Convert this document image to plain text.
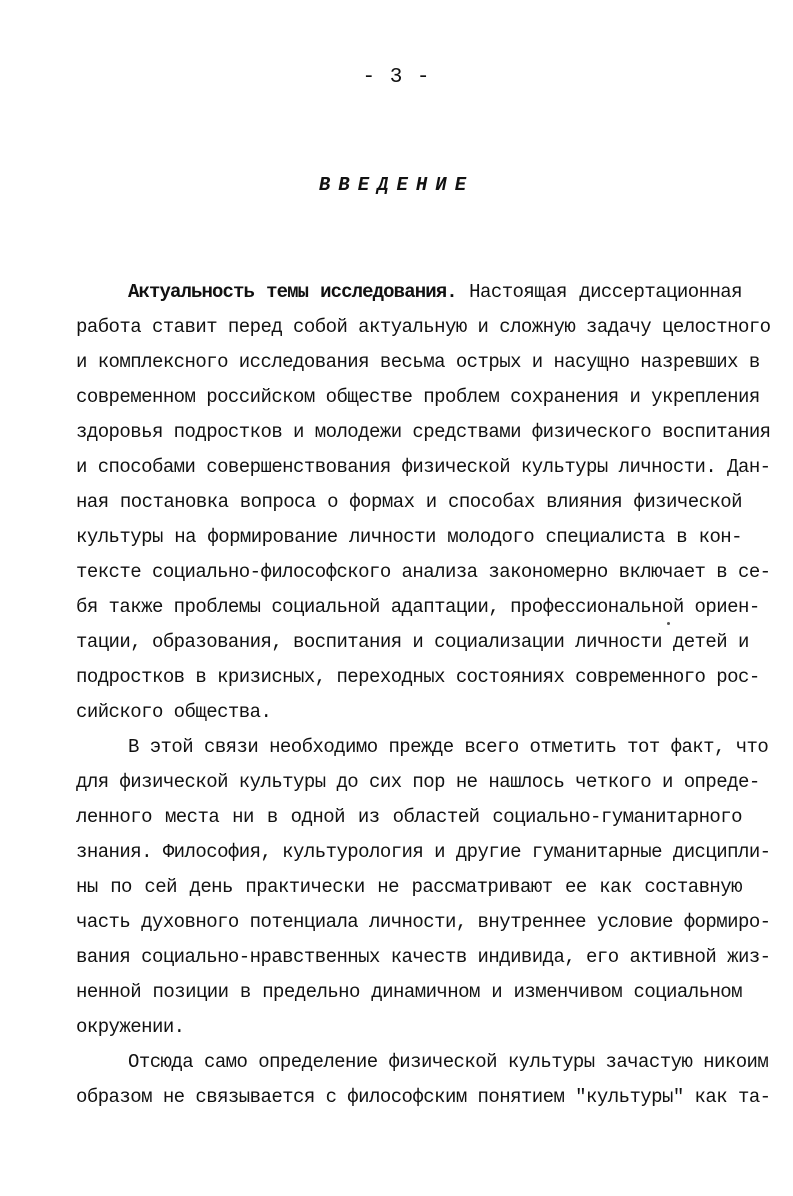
- 3 -
ВВЕДЕНИЕ
Актуальность темы исследования. Настоящая диссертационная
работа ставит перед собой актуальную и сложную задачу целостного
и комплексного исследования весьма острых и насущно назревших в
современном российском обществе проблем сохранения и укрепления
здоровья подростков и молодежи средствами физического воспитания
и способами совершенствования физической культуры личности. Дан-
ная постановка вопроса о формах и способах влияния физической
культуры на формирование личности молодого специалиста в кон-
тексте социально-философского анализа закономерно включает в се-
бя также проблемы социальной адаптации, профессиональной ориен-
тации, образования, воспитания и социализации личности детей и
подростков в кризисных, переходных состояниях современного рос-
сийского общества.
В этой связи необходимо прежде всего отметить тот факт, что
для физической культуры до сих пор не нашлось четкого и опреде-
ленного места ни в одной из областей социально-гуманитарного
знания. Философия, культурология и другие гуманитарные дисципли-
ны по сей день практически не рассматривают ее как составную
часть духовного потенциала личности, внутреннее условие формиро-
вания социально-нравственных качеств индивида, его активной жиз-
ненной позиции в предельно динамичном и изменчивом социальном
окружении.
Отсюда само определение физической культуры зачастую никоим
образом не связывается с философским понятием "культуры" как та-
